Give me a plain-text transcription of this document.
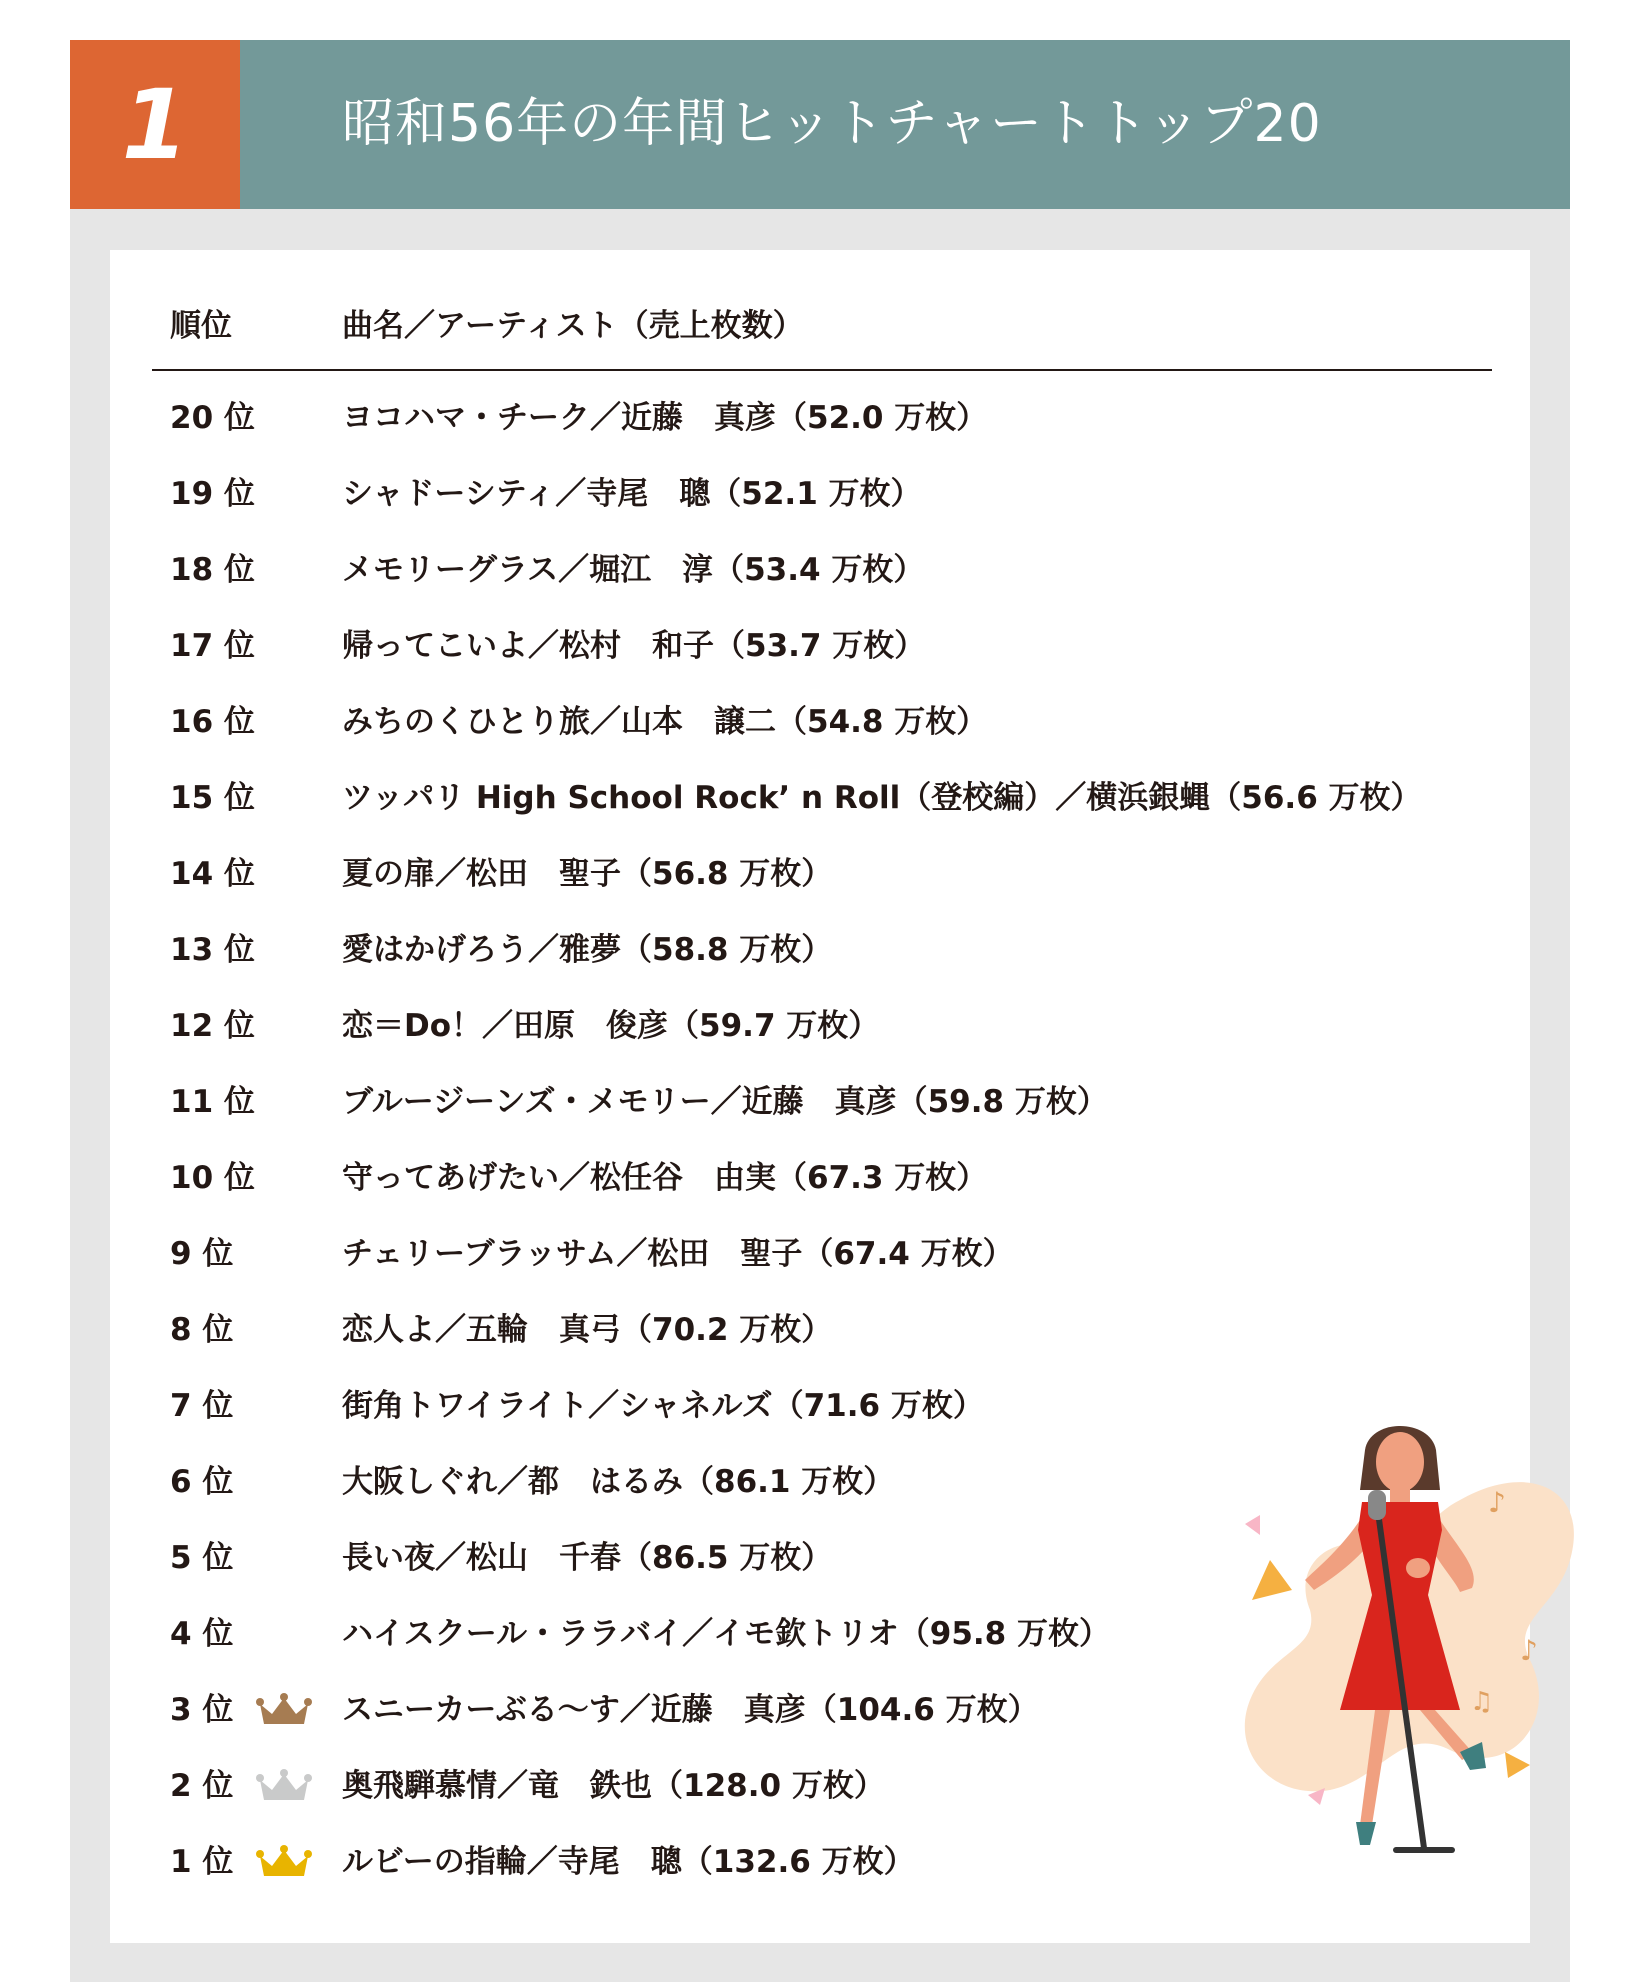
1	昭和56年の年間ヒットチャートトップ20
順位	曲名／アーティスト（売上枚数）
20 位	ヨコハマ・チーク／近藤　真彦（52.0 万枚）
19 位	シャドーシティ／寺尾　聰（52.1 万枚）
18 位	メモリーグラス／堀江　淳（53.4 万枚）
17 位	帰ってこいよ／松村　和子（53.7 万枚）
16 位	みちのくひとり旅／山本　譲二（54.8 万枚）
15 位	ツッパリ High School Rock’ n Roll（登校編）／横浜銀蝿（56.6 万枚）
14 位	夏の扉／松田　聖子（56.8 万枚）
13 位	愛はかげろう／雅夢（58.8 万枚）
12 位	恋＝Do！／田原　俊彦（59.7 万枚）
11 位	ブルージーンズ・メモリー／近藤　真彦（59.8 万枚）
10 位	守ってあげたい／松任谷　由実（67.3 万枚）
9 位	チェリーブラッサム／松田　聖子（67.4 万枚）
8 位	恋人よ／五輪　真弓（70.2 万枚）
7 位	街角トワイライト／シャネルズ（71.6 万枚）
6 位	大阪しぐれ／都　はるみ（86.1 万枚）
5 位	長い夜／松山　千春（86.5 万枚）
4 位	ハイスクール・ララバイ／イモ欽トリオ（95.8 万枚）
3 位	スニーカーぶる～す／近藤　真彦（104.6 万枚）
2 位	奥飛騨慕情／竜　鉄也（128.0 万枚）
1 位	ルビーの指輪／寺尾　聰（132.6 万枚）
♪
♪
♫
